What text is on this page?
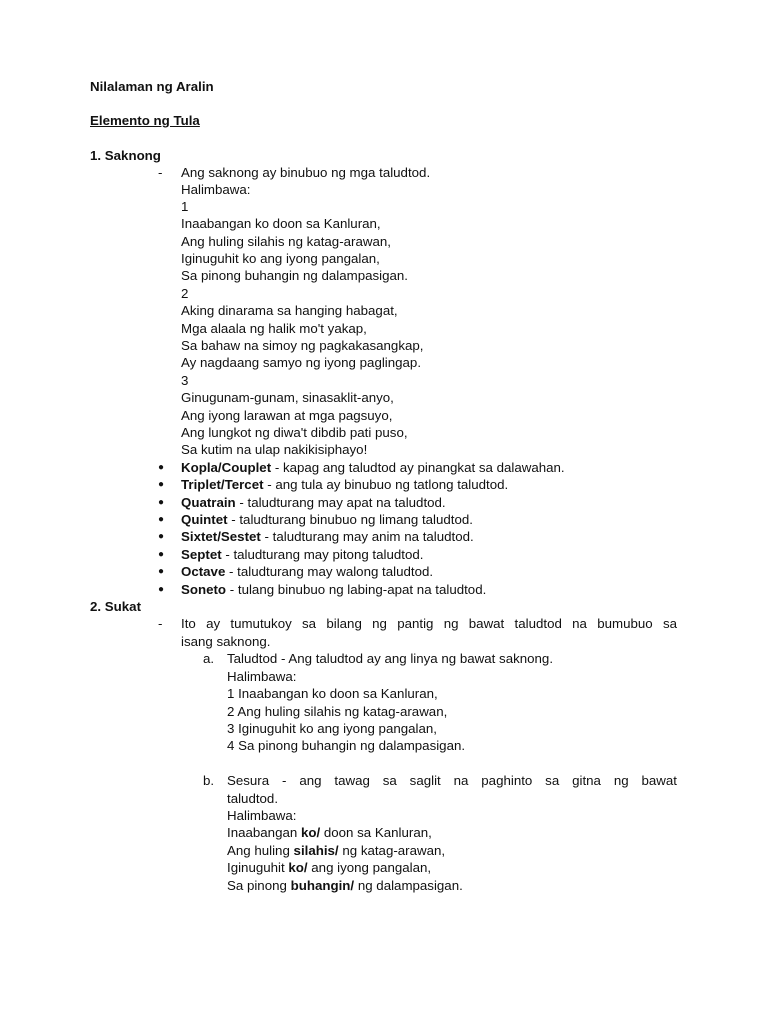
Nilalaman ng Aralin
Elemento ng Tula
1. Saknong
- Ang saknong ay binubuo ng mga taludtod.
Halimbawa:
1
Inaabangan ko doon sa Kanluran,
Ang huling silahis ng katag-arawan,
Iginuguhit ko ang iyong pangalan,
Sa pinong buhangin ng dalampasigan.
2
Aking dinarama sa hanging habagat,
Mga alaala ng halik mo't yakap,
Sa bahaw na simoy ng pagkakasangkap,
Ay nagdaang samyo ng iyong paglingap.
3
Ginugunam-gunam, sinasaklit-anyo,
Ang iyong larawan at mga pagsuyo,
Ang lungkot ng diwa't dibdib pati puso,
Sa kutim na ulap nakikisiphayo!
● Kopla/Couplet - kapag ang taludtod ay pinangkat sa dalawahan.
● Triplet/Tercet - ang tula ay binubuo ng tatlong taludtod.
● Quatrain - taludturang may apat na taludtod.
● Quintet - taludturang binubuo ng limang taludtod.
● Sixtet/Sestet - taludturang may anim na taludtod.
● Septet - taludturang may pitong taludtod.
● Octave - taludturang may walong taludtod.
● Soneto - tulang binubuo ng labing-apat na taludtod.
2. Sukat
- Ito ay tumutukoy sa bilang ng pantig ng bawat taludtod na bumubuo sa
isang saknong.
a. Taludtod - Ang taludtod ay ang linya ng bawat saknong.
Halimbawa:
1 Inaabangan ko doon sa Kanluran,
2 Ang huling silahis ng katag-arawan,
3 Iginuguhit ko ang iyong pangalan,
4 Sa pinong buhangin ng dalampasigan.
b. Sesura - ang tawag sa saglit na paghinto sa gitna ng bawat
taludtod.
Halimbawa:
Inaabangan ko/ doon sa Kanluran,
Ang huling silahis/ ng katag-arawan,
Iginuguhit ko/ ang iyong pangalan,
Sa pinong buhangin/ ng dalampasigan.
